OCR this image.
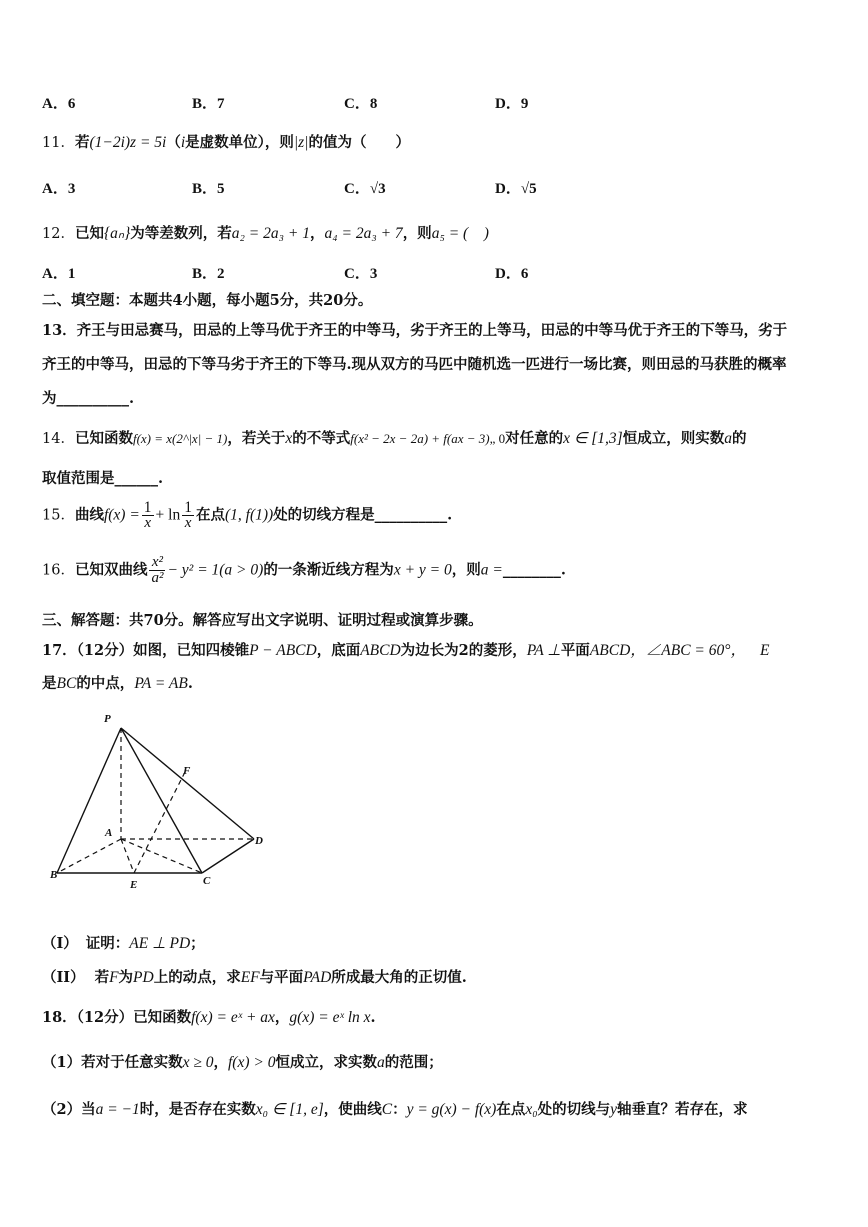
A．6	B．7	C．8	D．9
11．若(1−2i)z = 5i（i是虚数单位），则|z|的值为（　　）
A．3	B．5	C．√3	D．√5
12．已知{aₙ}为等差数列，若a₂ = 2a₃ + 1，a₄ = 2a₃ + 7，则a₅ = (　)
A．1	B．2	C．3	D．6
二、填空题：本题共4小题，每小题5分，共20分。
13．齐王与田忌赛马，田忌的上等马优于齐王的中等马，劣于齐王的上等马，田忌的中等马优于齐王的下等马，劣于
齐王的中等马，田忌的下等马劣于齐王的下等马.现从双方的马匹中随机选一匹进行一场比赛，则田忌的马获胜的概率
为__________.
14．已知函数f(x) = x(2^|x| − 1)，若关于x的不等式f(x² − 2x − 2a) + f(ax − 3)„ 0对任意的x ∈ [1,3]恒成立，则实数a的
取值范围是______.
15．曲线$f(x) = \frac{1}{x} + \ln \frac{1}{x}$ 在点(1, f(1))处的切线方程是__________.
16．已知双曲线 $\frac{\text{x²}}{\text{a²}} - y^2 = 1(a > 0)$的一条渐近线方程为x + y = 0，则a =________.
三、解答题：共70分。解答应写出文字说明、证明过程或演算步骤。
17．（12分）如图，已知四棱锥P − ABCD，底面ABCD为边长为2的菱形，PA ⊥平面ABCD，∠ABC = 60°， E
是BC的中点，PA = AB.
P
A
B	C
D
E
F
（I） 证明：AE ⊥ PD；
（II） 若F为PD上的动点，求EF与平面PAD所成最大角的正切值.
18．（12分）已知函数f(x) = eˣ + ax，g(x) = eˣ ln x.
（1）若对于任意实数x ≥ 0，f(x) > 0恒成立，求实数a的范围；
（2）当a = −1时，是否存在实数x₀ ∈ [1, e]，使曲线C：y = g(x) − f(x)在点x₀处的切线与y轴垂直？若存在，求
